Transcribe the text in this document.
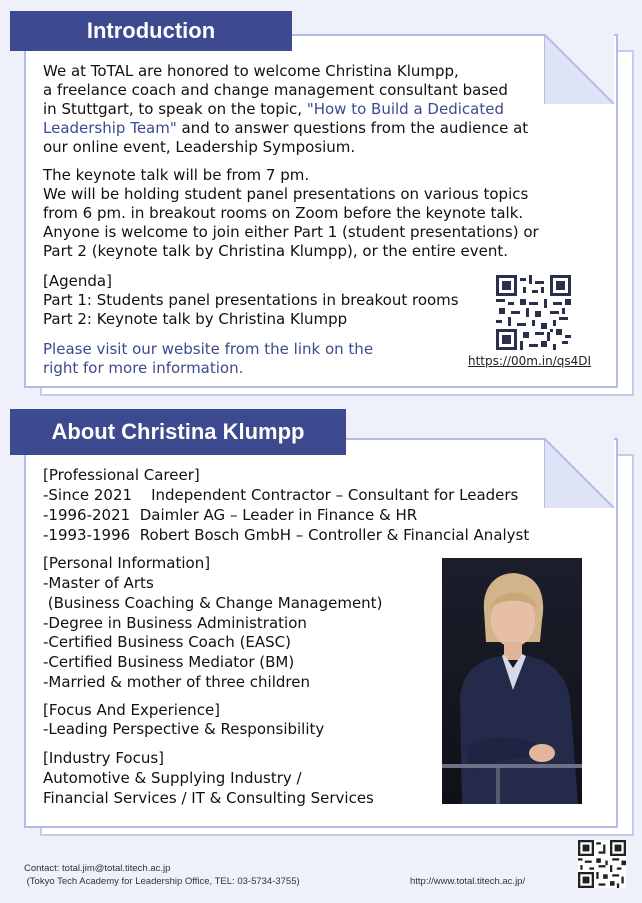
Introduction
We at ToTAL are honored to welcome Christina Klumpp,
a freelance coach and change management consultant based
in Stuttgart, to speak on the topic, "How to Build a Dedicated
Leadership Team" and to answer questions from the audience at
our online event, Leadership Symposium.
The keynote talk will be from 7 pm.
We will be holding student panel presentations on various topics
from 6 pm. in breakout rooms on Zoom before the keynote talk.
Anyone is welcome to join either Part 1 (student presentations) or
Part 2 (keynote talk by Christina Klumpp), or the entire event.
[Agenda]
Part 1: Students panel presentations in breakout rooms
Part 2: Keynote talk by Christina Klumpp
Please visit our website from the link on the
right for more information.	https://00m.in/qs4DI
About Christina Klumpp
[Professional Career]
-Since 2021    Independent Contractor – Consultant for Leaders
-1996-2021  Daimler AG – Leader in Finance & HR
-1993-1996  Robert Bosch GmbH – Controller & Financial Analyst
[Personal Information]
-Master of Arts
(Business Coaching & Change Management)
-Degree in Business Administration
-Certified Business Coach (EASC)
-Certified Business Mediator (BM)
-Married & mother of three children
[Focus And Experience]
-Leading Perspective & Responsibility
[Industry Focus]
Automotive & Supplying Industry /
Financial Services / IT & Consulting Services
Contact: total.jim@total.titech.ac.jp
(Tokyo Tech Academy for Leadership Office, TEL: 03-5734-3755)	http://www.total.titech.ac.jp/
